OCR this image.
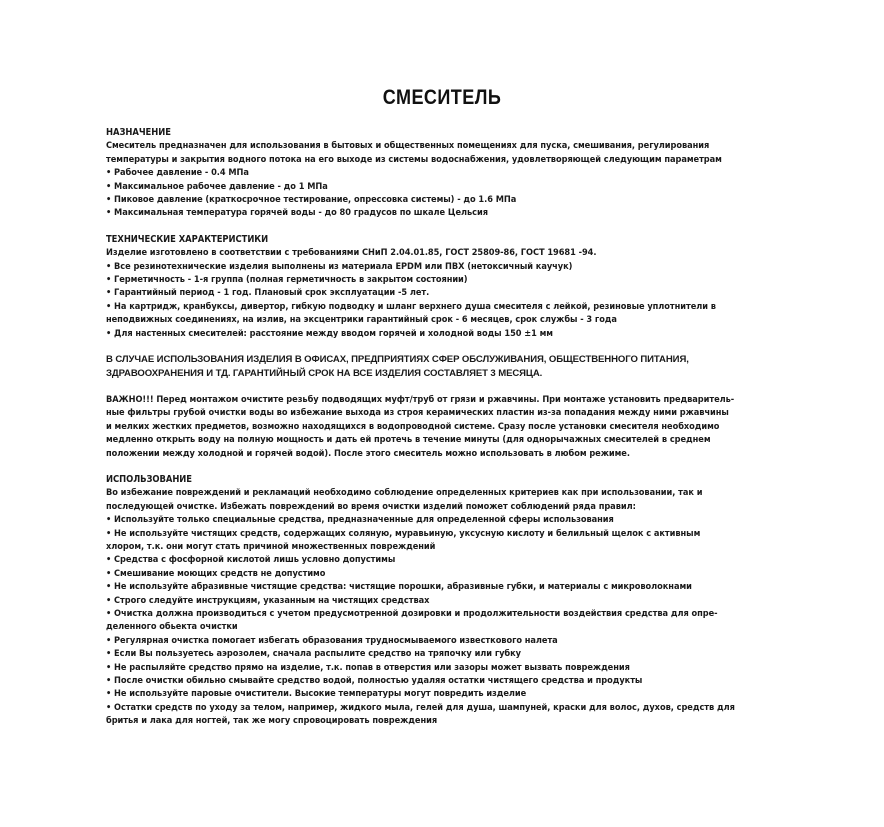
СМЕСИТЕЛЬ
НАЗНАЧЕНИЕ
Смеситель предназначен для использования в бытовых и общественных помещениях для пуска, смешивания, регулирования
температуры и закрытия водного потока на его выходе из системы водоснабжения, удовлетворяющей следующим параметрам
• Рабочее давление - 0.4 МПа
• Максимальное рабочее давление - до 1 МПа
• Пиковое давление (краткосрочное тестирование, опрессовка системы) - до 1.6 МПа
• Максимальная температура горячей воды - до 80 градусов по шкале Цельсия
ТЕХНИЧЕСКИЕ ХАРАКТЕРИСТИКИ
Изделие изготовлено в соответствии с требованиями СНиП 2.04.01.85, ГОСТ 25809-86, ГОСТ 19681 -94.
• Все резинотехнические изделия выполнены из материала EPDM или ПВХ (нетоксичный каучук)
• Герметичность - 1-я группа (полная герметичность в закрытом состоянии)
• Гарантийный период - 1 год. Плановый срок эксплуатации -5 лет.
• На картридж, кранбуксы, дивертор, гибкую подводку и шланг верхнего душа смесителя с лейкой, резиновые уплотнители в
неподвижных соединениях, на излив, на эксцентрики гарантийный срок - 6 месяцев, срок службы - 3 года
• Для настенных смесителей: расстояние между вводом горячей и холодной воды 150 ±1 мм
В СЛУЧАЕ ИСПОЛЬЗОВАНИЯ ИЗДЕЛИЯ В ОФИСАХ, ПРЕДПРИЯТИЯХ СФЕР ОБСЛУЖИВАНИЯ, ОБЩЕСТВЕННОГО ПИТАНИЯ,
ЗДРАВООХРАНЕНИЯ И ТД. ГАРАНТИЙНЫЙ СРОК НА ВСЕ ИЗДЕЛИЯ СОСТАВЛЯЕТ 3 МЕСЯЦА.
ВАЖНО!!! Перед монтажом очистите резьбу подводящих муфт/труб от грязи и ржавчины. При монтаже установить предваритель-
ные фильтры грубой очистки воды во избежание выхода из строя керамических пластин из-за попадания между ними ржавчины
и мелких жестких предметов, возможно находящихся в водопроводной системе. Сразу после установки смесителя необходимо
медленно открыть воду на полную мощность и дать ей протечь в течение минуты (для однорычажных смесителей в среднем
положении между холодной и горячей водой). После этого смеситель можно использовать в любом режиме.
ИСПОЛЬЗОВАНИЕ
Во избежание повреждений и рекламаций необходимо соблюдение определенных критериев как при использовании, так и
последующей очистке. Избежать повреждений во время очистки изделий поможет соблюдений ряда правил:
• Используйте только специальные средства, предназначенные для определенной сферы использования
• Не используйте чистящих средств, содержащих соляную, муравьиную, уксусную кислоту и белильный щелок с активным
хлором, т.к. они могут стать причиной множественных повреждений
• Средства с фосфорной кислотой лишь условно допустимы
• Смешивание моющих средств не допустимо
• Не используйте абразивные чистящие средства: чистящие порошки, абразивные губки, и материалы с микроволокнами
• Строго следуйте инструкциям, указанным на чистящих средствах
• Очистка должна производиться с учетом предусмотренной дозировки и продолжительности воздействия средства для опре-
деленного обьекта очистки
• Регулярная очистка помогает избегать образования трудносмываемого известкового налета
• Если Вы пользуетесь аэрозолем, сначала распылите средство на тряпочку или губку
• Не распыляйте средство прямо на изделие, т.к. попав в отверстия или зазоры может вызвать повреждения
• После очистки обильно смывайте средство водой, полностью удаляя остатки чистящего средства и продукты
• Не используйте паровые очистители. Высокие температуры могут повредить изделие
• Остатки средств по уходу за телом, например, жидкого мыла, гелей для душа, шампуней, краски для волос, духов, средств для
бритья и лака для ногтей, так же могу спровоцировать повреждения
